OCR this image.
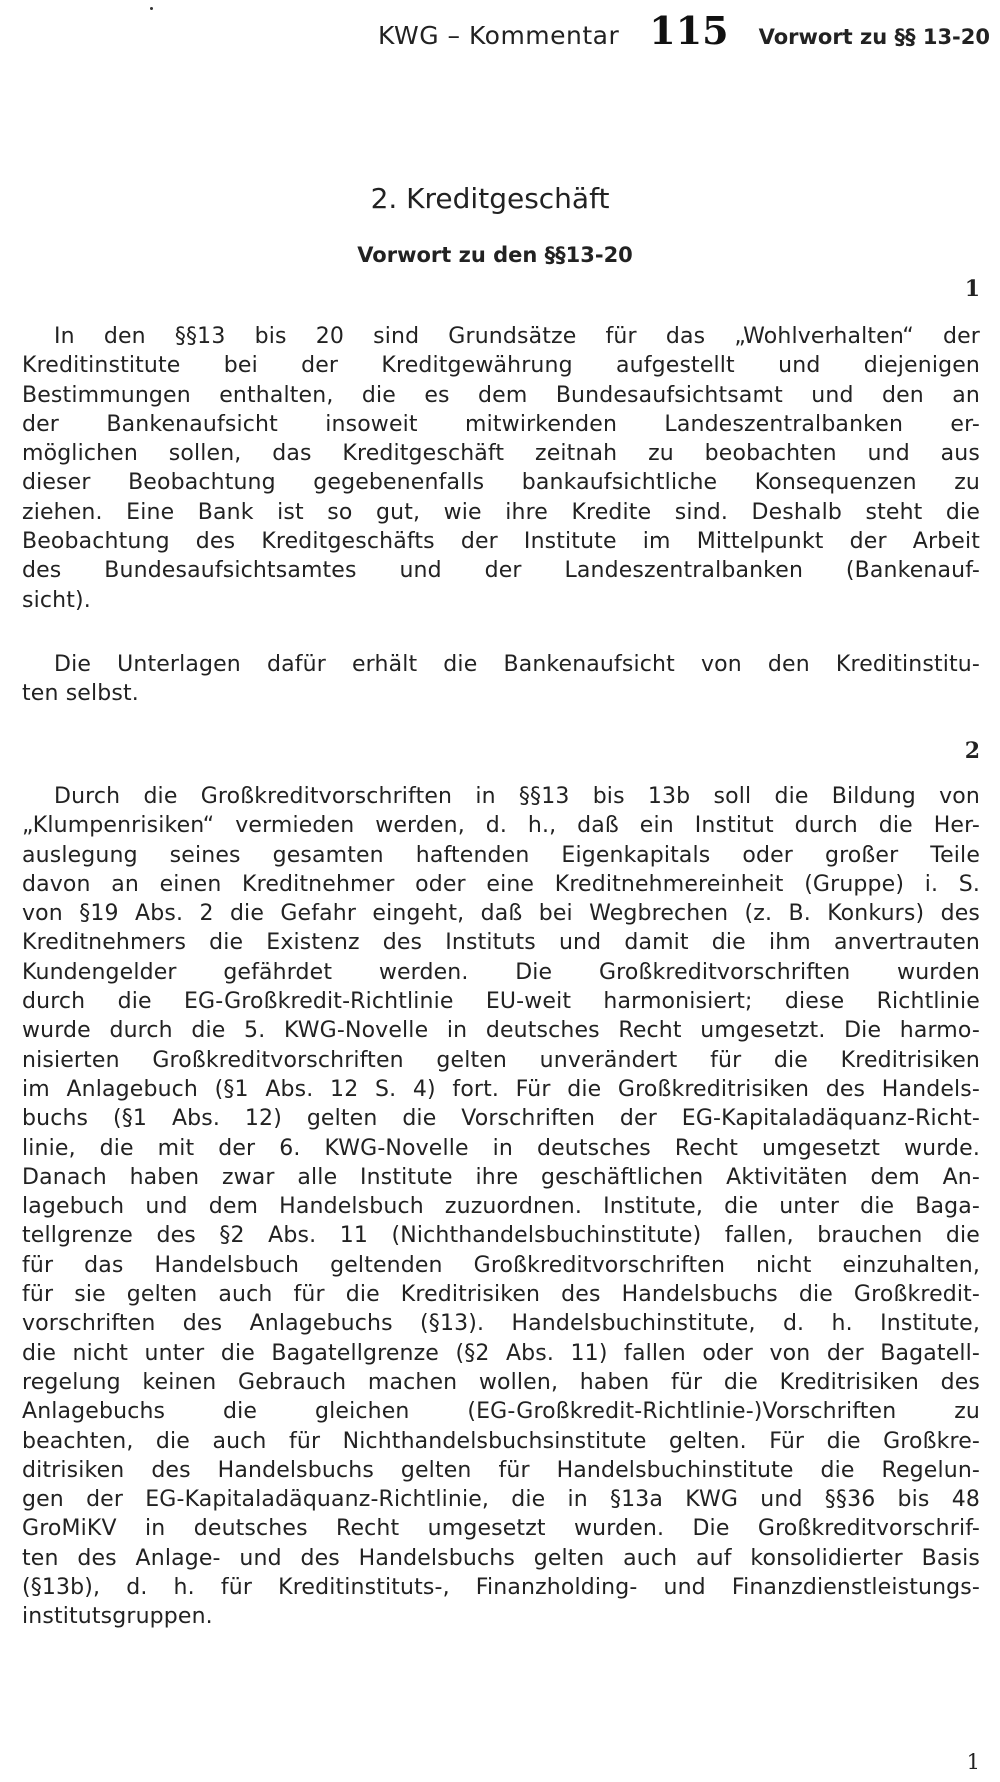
KWG – Kommentar 115 Vorwort zu §§ 13-20
2. Kreditgeschäft
Vorwort zu den §§13-20
1

In den §§13 bis 20 sind Grundsätze für das „Wohlverhalten“ der
Kreditinstitute bei der Kreditgewährung aufgestellt und diejenigen
Bestimmungen enthalten, die es dem Bundesaufsichtsamt und den an
der Bankenaufsicht insoweit mitwirkenden Landeszentralbanken er-
möglichen sollen, das Kreditgeschäft zeitnah zu beobachten und aus
dieser Beobachtung gegebenenfalls bankaufsichtliche Konsequenzen zu
ziehen. Eine Bank ist so gut, wie ihre Kredite sind. Deshalb steht die
Beobachtung des Kreditgeschäfts der Institute im Mittelpunkt der Arbeit
des Bundesaufsichtsamtes und der Landeszentralbanken (Bankenauf-
sicht).

Die Unterlagen dafür erhält die Bankenaufsicht von den Kreditinstitu-
ten selbst.

2

Durch die Großkreditvorschriften in §§13 bis 13b soll die Bildung von
„Klumpenrisiken“ vermieden werden, d. h., daß ein Institut durch die Her-
auslegung seines gesamten haftenden Eigenkapitals oder großer Teile
davon an einen Kreditnehmer oder eine Kreditnehmereinheit (Gruppe) i. S.
von §19 Abs. 2 die Gefahr eingeht, daß bei Wegbrechen (z. B. Konkurs) des
Kreditnehmers die Existenz des Instituts und damit die ihm anvertrauten
Kundengelder gefährdet werden. Die Großkreditvorschriften wurden
durch die EG-Großkredit-Richtlinie EU-weit harmonisiert; diese Richtlinie
wurde durch die 5. KWG-Novelle in deutsches Recht umgesetzt. Die harmo-
nisierten Großkreditvorschriften gelten unverändert für die Kreditrisiken
im Anlagebuch (§1 Abs. 12 S. 4) fort. Für die Großkreditrisiken des Handels-
buchs (§1 Abs. 12) gelten die Vorschriften der EG-Kapitaladäquanz-Richt-
linie, die mit der 6. KWG-Novelle in deutsches Recht umgesetzt wurde.
Danach haben zwar alle Institute ihre geschäftlichen Aktivitäten dem An-
lagebuch und dem Handelsbuch zuzuordnen. Institute, die unter die Baga-
tellgrenze des §2 Abs. 11 (Nichthandelsbuchinstitute) fallen, brauchen die
für das Handelsbuch geltenden Großkreditvorschriften nicht einzuhalten,
für sie gelten auch für die Kreditrisiken des Handelsbuchs die Großkredit-
vorschriften des Anlagebuchs (§13). Handelsbuchinstitute, d. h. Institute,
die nicht unter die Bagatellgrenze (§2 Abs. 11) fallen oder von der Bagatell-
regelung keinen Gebrauch machen wollen, haben für die Kreditrisiken des
Anlagebuchs die gleichen (EG-Großkredit-Richtlinie-)Vorschriften zu
beachten, die auch für Nichthandelsbuchsinstitute gelten. Für die Großkre-
ditrisiken des Handelsbuchs gelten für Handelsbuchinstitute die Regelun-
gen der EG-Kapitaladäquanz-Richtlinie, die in §13a KWG und §§36 bis 48
GroMiKV in deutsches Recht umgesetzt wurden. Die Großkreditvorschrif-
ten des Anlage- und des Handelsbuchs gelten auch auf konsolidierter Basis
(§13b), d. h. für Kreditinstituts-, Finanzholding- und Finanzdienstleistungs-
institutsgruppen.

1
